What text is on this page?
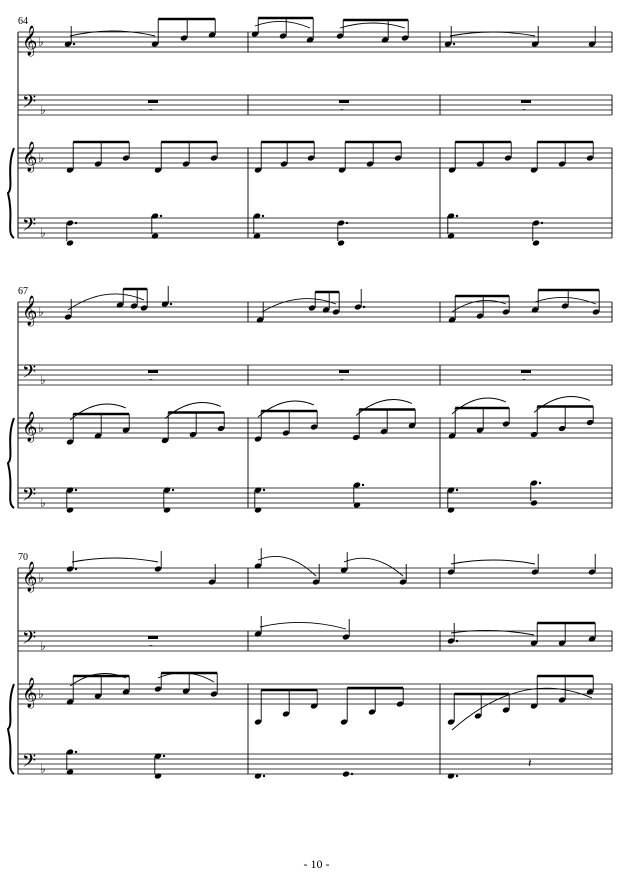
𝄞 ♭
𝄢 ♭
𝄞 ♭
𝄢 ♭
64
-	-	-
𝄞 ♭
𝄢 ♭
𝄞 ♭
𝄢 ♭
67
-	-	-
𝄞 ♭
𝄢 ♭
𝄞 ♭
𝄢 ♭
70
-
𝄽
- 10 -
